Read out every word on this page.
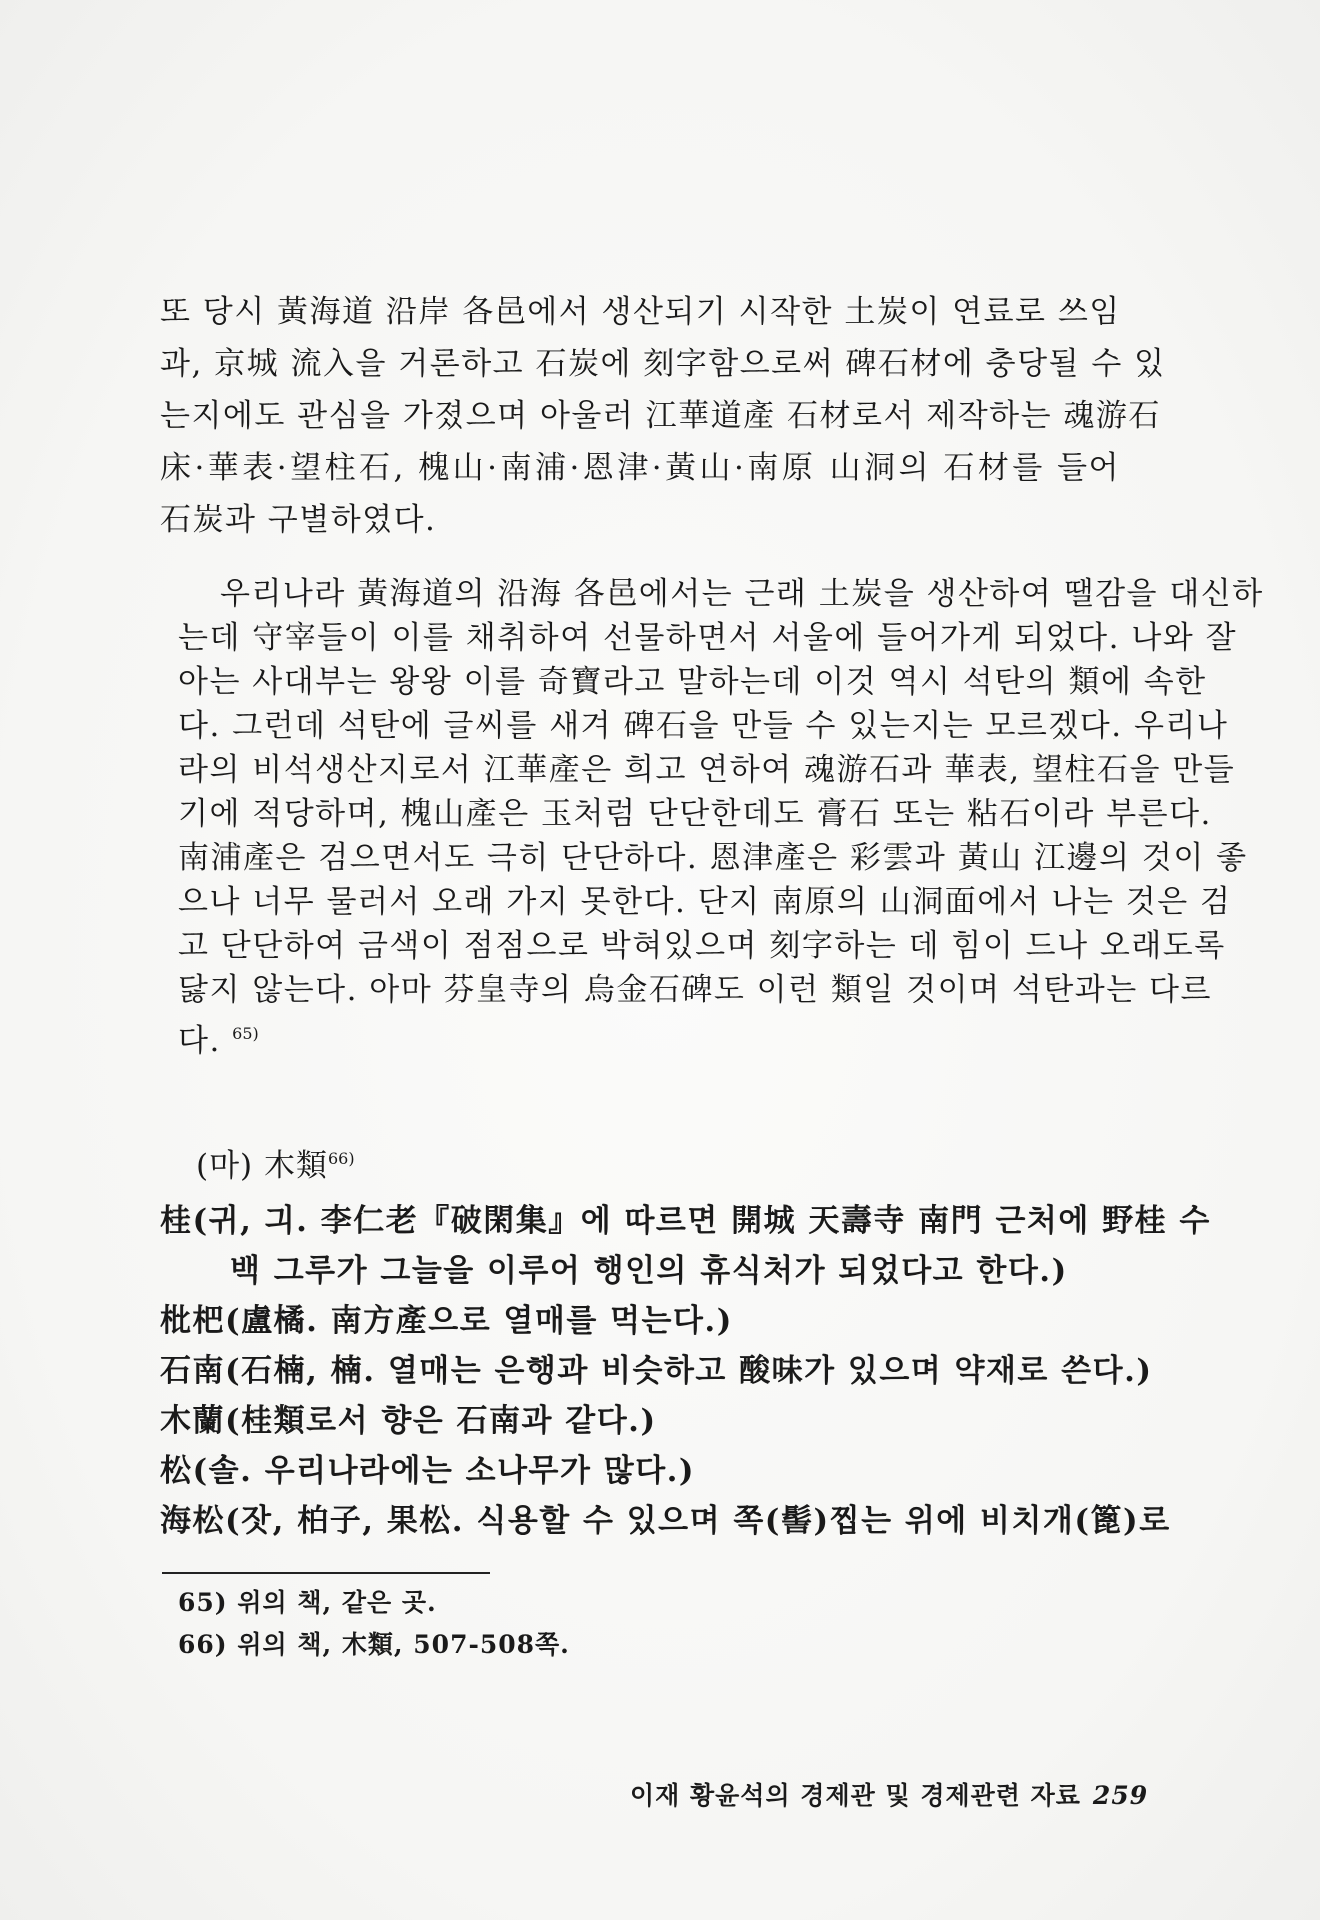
또 당시 黃海道 沿岸 各邑에서 생산되기 시작한 土炭이 연료로 쓰임
과, 京城 流入을 거론하고 石炭에 刻字함으로써 碑石材에 충당될 수 있
는지에도 관심을 가졌으며 아울러 江華道產 石材로서 제작하는 魂游石
床·華表·望柱石, 槐山·南浦·恩津·黃山·南原 山洞의 石材를 들어
石炭과 구별하였다.
우리나라 黃海道의 沿海 各邑에서는 근래 土炭을 생산하여 땔감을 대신하
는데 守宰들이 이를 채취하여 선물하면서 서울에 들어가게 되었다. 나와 잘
아는 사대부는 왕왕 이를 奇寶라고 말하는데 이것 역시 석탄의 類에 속한
다. 그런데 석탄에 글씨를 새겨 碑石을 만들 수 있는지는 모르겠다. 우리나
라의 비석생산지로서 江華產은 희고 연하여 魂游石과 華表, 望柱石을 만들
기에 적당하며, 槐山產은 玉처럼 단단한데도 膏石 또는 粘石이라 부른다.
南浦產은 검으면서도 극히 단단하다. 恩津產은 彩雲과 黃山 江邊의 것이 좋
으나 너무 물러서 오래 가지 못한다. 단지 南原의 山洞面에서 나는 것은 검
고 단단하여 금색이 점점으로 박혀있으며 刻字하는 데 힘이 드나 오래도록
닳지 않는다. 아마 芬皇寺의 烏金石碑도 이런 類일 것이며 석탄과는 다르
다. $^{65)}$
(마) 木類$^{66)}$
桂(귀, 긔. 李仁老『破閑集』에 따르면 開城 天壽寺 南門 근처에 野桂 수
백 그루가 그늘을 이루어 행인의 휴식처가 되었다고 한다.)
枇杷(盧橘. 南方產으로 열매를 먹는다.)
石南(石楠, 楠. 열매는 은행과 비슷하고 酸味가 있으며 약재로 쓴다.)
木蘭(桂類로서 향은 石南과 같다.)
松(솔. 우리나라에는 소나무가 많다.)
海松(잣, 柏子, 果松. 식용할 수 있으며 쪽(髻)찝는 위에 비치개(篦)로
65) 위의 책, 같은 곳.
66) 위의 책, 木類, 507-508쪽.
이재 황윤석의 경제관 및 경제관련 자료 259
